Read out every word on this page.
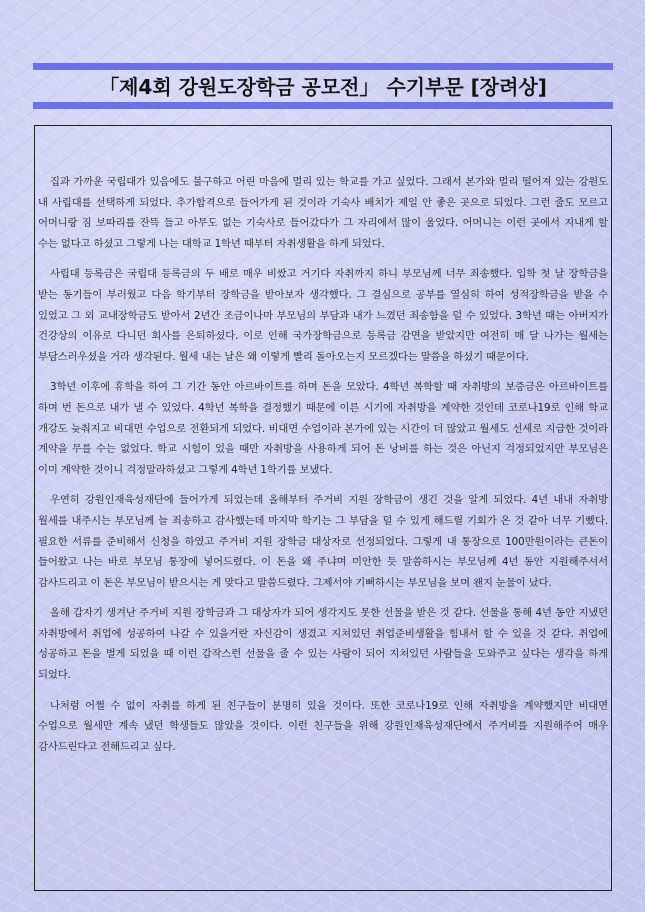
「제4회 강원도장학금 공모전」 수기부문 [장려상]

집과 가까운 국립대가 있음에도 불구하고 어린 마음에 멀리 있는 학교를 가고 싶었다. 그래서 본가와 멀리 떨어져 있는 강원도 내 사립대를 선택하게 되었다. 추가합격으로 들어가게 된 것이라 기숙사 배치가 제일 안 좋은 곳으로 되었다. 그런 줄도 모르고 어머니랑 짐 보따리를 잔뜩 들고 아무도 없는 기숙사로 들어갔다가 그 자리에서 많이 울었다. 어머니는 이런 곳에서 지내게 할 수는 없다고 하셨고 그렇게 나는 대학교 1학년 때부터 자취생활을 하게 되었다.

사립대 등록금은 국립대 등록금의 두 배로 매우 비쌌고 거기다 자취까지 하니 부모님께 너무 죄송했다. 입학 첫 날 장학금을 받는 동기들이 부러웠고 다음 학기부터 장학금을 받아보자 생각했다. 그 결심으로 공부를 열심히 하여 성적장학금을 받을 수 있었고 그 외 교내장학금도 받아서 2년간 조금이나마 부모님의 부담과 내가 느꼈던 죄송함을 덜 수 있었다. 3학년 때는 아버지가 건강상의 이유로 다니던 회사를 은퇴하셨다. 이로 인해 국가장학금으로 등록금 감면을 받았지만 여전히 매 달 나가는 월세는 부담스러우셨을 거라 생각된다. 월세 내는 날은 왜 이렇게 빨리 돌아오는지 모르겠다는 말씀을 하셨기 때문이다.

3학년 이후에 휴학을 하여 그 기간 동안 아르바이트를 하며 돈을 모았다. 4학년 복학할 때 자취방의 보증금은 아르바이트를 하며 번 돈으로 내가 낼 수 있었다. 4학년 복학을 결정했기 때문에 이른 시기에 자취방을 계약한 것인데 코로나19로 인해 학교 개강도 늦춰지고 비대면 수업으로 전환되게 되었다. 비대면 수업이라 본가에 있는 시간이 더 많았고 월세도 선세로 지급한 것이라 계약을 무를 수는 없었다. 학교 시험이 있을 때만 자취방을 사용하게 되어 돈 낭비를 하는 것은 아닌지 걱정되었지만 부모님은 이미 계약한 것이니 걱정말라하셨고 그렇게 4학년 1학기를 보냈다.

우연히 강원인재육성재단에 들어가게 되었는데 올해부터 주거비 지원 장학금이 생긴 것을 알게 되었다. 4년 내내 자취방 월세를 내주시는 부모님께 늘 죄송하고 감사했는데 마지막 학기는 그 부담을 덜 수 있게 해드릴 기회가 온 것 같아 너무 기뻤다. 필요한 서류를 준비해서 신청을 하였고 주거비 지원 장학금 대상자로 선정되었다. 그렇게 내 통장으로 100만원이라는 큰돈이 들어왔고 나는 바로 부모님 통장에 넣어드렸다. 이 돈을 왜 주냐며 미안한 듯 말씀하시는 부모님께 4년 동안 지원해주셔서 감사드리고 이 돈은 부모님이 받으시는 게 맞다고 말씀드렸다. 그제서야 기뻐하시는 부모님을 보며 왠지 눈물이 났다.

올해 갑자기 생겨난 주거비 지원 장학금과 그 대상자가 되어 생각지도 못한 선물을 받은 것 같다. 선물을 통해 4년 동안 지냈던 자취방에서 취업에 성공하여 나갈 수 있을거란 자신감이 생겼고 지쳐있던 취업준비생활을 힘내서 할 수 있을 것 같다. 취업에 성공하고 돈을 벌게 되었을 때 이런 갑작스런 선물을 줄 수 있는 사람이 되어 지쳐있던 사람들을 도와주고 싶다는 생각을 하게 되었다.

나처럼 어쩔 수 없이 자취를 하게 된 친구들이 분명히 있을 것이다. 또한 코로나19로 인해 자취방을 계약했지만 비대면 수업으로 월세만 계속 냈던 학생들도 많았을 것이다. 이런 친구들을 위해 강원인재육성재단에서 주거비를 지원해주어 매우 감사드린다고 전해드리고 싶다.
